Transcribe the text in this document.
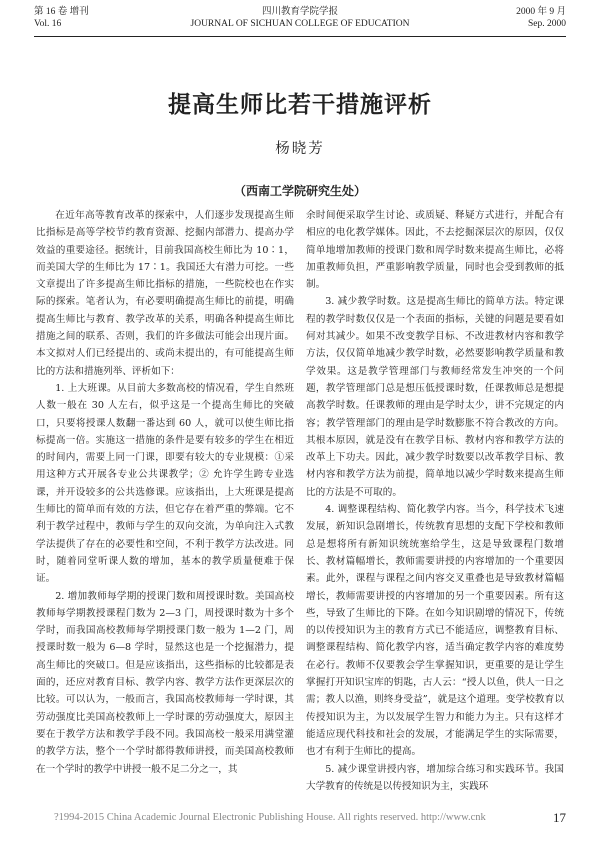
第 16 卷 增刊
Vol. 16
四川教育学院学报
JOURNAL OF SICHUAN COLLEGE OF EDUCATION
2000 年 9 月
Sep. 2000
提高生师比若干措施评析
杨晓芳
（西南工学院研究生处）

在近年高等教育改革的探索中，人们逐步发现提高生师比指标是高等学校节约教育资源、挖掘内部潜力、提高办学效益的重要途径。据统计，目前我国高校生师比为 10∶1，而美国大学的生师比为 17∶1。我国还大有潜力可挖。一些文章提出了许多提高生师比指标的措施，一些院校也在作实际的探索。笔者认为，有必要明确提高生师比的前提，明确提高生师比与教育、教学改革的关系，明确各种提高生师比措施之间的联系、否则，我们的许多做法可能会出现片面。本文拟对人们已经提出的、或尚未提出的，有可能提高生师比的方法和措施列举、评析如下：

1. 上大班课。从目前大多数高校的情况看，学生自然班人数一般在 30 人左右，似乎这是一个提高生师比的突破口，只要将授课人数翻一番达到 60 人，就可以使生师比指标提高一倍。实施这一措施的条件是要有较多的学生在相近的时间内，需要上同一门课，即要有较大的专业规模：①采用这种方式开展各专业公共课教学；② 允许学生跨专业选课，并开设较多的公共选修课。应该指出，上大班课是提高生师比的简单而有效的方法，但它存在着严重的弊端。它不利于教学过程中，教师与学生的双向交流，为单向注入式教学法提供了存在的必要性和空间，不利于教学方法改进。同时，随着同堂听课人数的增加，基本的教学质量便难于保证。

2. 增加教师每学期的授课门数和周授课时数。美国高校教师每学期教授课程门数为 2—3 门，周授课时数为十多个学时，而我国高校教师每学期授课门数一般为 1—2 门，周授课时数一般为 6—8 学时，显然这也是一个挖掘潜力，提高生师比的突破口。但是应该指出，这些指标的比较都是表面的，还应对教育目标、教学内容、教学方法作更深层次的比较。可以认为，一般而言，我国高校教师每一学时课，其劳动强度比美国高校教师上一学时课的劳动强度大，原因主要在于教学方法和教学手段不同。我国高校一般采用满堂灌的教学方法，整个一个学时都得教师讲授，而美国高校教师在一个学时的教学中讲授一般不足二分之一，其

余时间便采取学生讨论、或质疑、释疑方式进行，并配合有相应的电化教学媒体。因此，不去挖掘深层次的原因，仅仅简单地增加教师的授课门数和周学时数来提高生师比，必将加重教师负担，严重影响教学质量，同时也会受到教师的抵制。

3. 减少教学时数。这是提高生师比的简单方法。特定课程的教学时数仅仅是一个表面的指标，关键的问题是要看如何对其减少。如果不改变教学目标、不改进教材内容和教学方法，仅仅简单地减少教学时数，必然要影响教学质量和教学效果。这是教学管理部门与教师经常发生冲突的一个问题，教学管理部门总是想压低授课时数，任课教师总是想提高教学时数。任课教师的理由是学时太少，讲不完规定的内容；教学管理部门的理由是学时数膨胀不符合教改的方向。其根本原因，就是没有在教学目标、教材内容和教学方法的改革上下功夫。因此，减少教学时数要以改革教学目标、教材内容和教学方法为前提，简单地以减少学时数来提高生师比的方法是不可取的。

4. 调整课程结构、简化教学内容。当今，科学技术飞速发展，新知识急剧增长，传统教育思想的支配下学校和教师总是想将所有新知识统统塞给学生，这是导致课程门数增长、教材篇幅增长，教师需要讲授的内容增加的一个重要因素。此外，课程与课程之间内容交叉重叠也是导致教材篇幅增长，教师需要讲授的内容增加的另一个重要因素。所有这些，导致了生师比的下降。在如今知识剧增的情况下，传统的以传授知识为主的教育方式已不能适应，调整教育目标、调整课程结构、简化教学内容，适当确定教学内容的难度势在必行。教师不仅要教会学生掌握知识，更重要的是让学生掌握打开知识宝库的钥匙，古人云：“授人以鱼，供人一日之需；教人以渔，则终身受益”，就是这个道理。变学校教育以传授知识为主，为以发展学生智力和能力为主。只有这样才能适应现代科技和社会的发展，才能满足学生的实际需要，也才有利于生师比的提高。

5. 减少课堂讲授内容，增加综合练习和实践环节。我国大学教育的传统是以传授知识为主，实践环

?1994-2015 China Academic Journal Electronic Publishing House. All rights reserved. http://www.cnk	17
